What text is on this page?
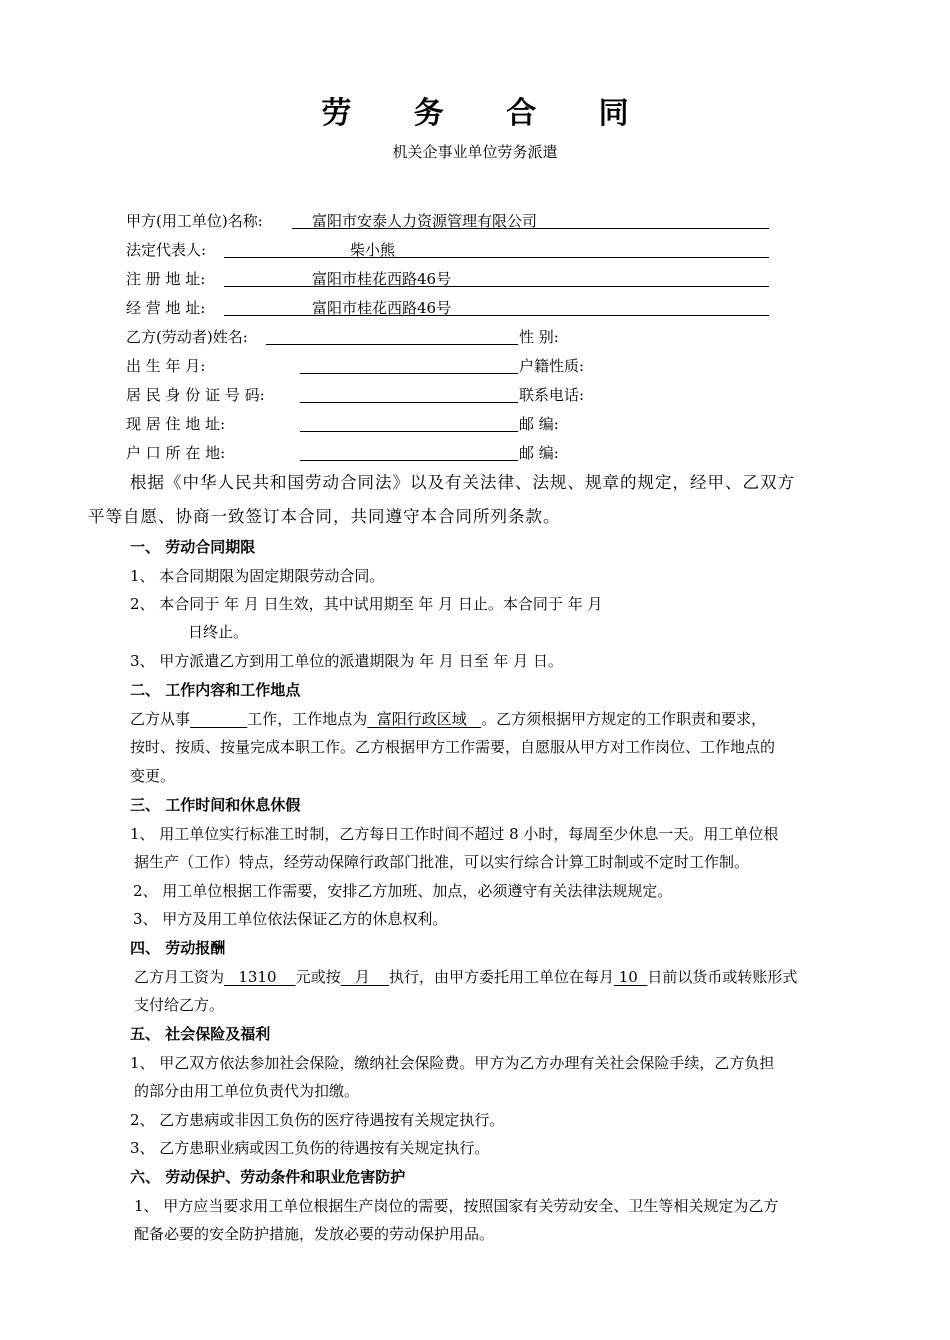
劳 务 合 同
机关企事业单位劳务派遣
甲方(用工单位)名称:	富阳市安泰人力资源管理有限公司
法定代表人:	柴小熊
注 册 地 址:	富阳市桂花西路46号
经 营 地 址:	富阳市桂花西路46号
乙方(劳动者)姓名:	性 别:
出 生 年 月:	户籍性质:
居 民 身 份 证 号 码:	联系电话:
现 居 住 地 址:	邮 编:
户 口 所 在 地:	邮 编:
根据《中华人民共和国劳动合同法》以及有关法律、法规、规章的规定，经甲、乙双方
平等自愿、协商一致签订本合同，共同遵守本合同所列条款。
一、 劳动合同期限
1、 本合同期限为固定期限劳动合同。
2、 本合同于 年 月 日生效，其中试用期至 年 月 日止。本合同于 年 月
日终止。
3、 甲方派遣乙方到用工单位的派遣期限为 年 月 日至 年 月 日。
二、 工作内容和工作地点
乙方从事	工作，工作地点为  富阳行政区域   。乙方须根据甲方规定的工作职责和要求，
按时、按质、按量完成本职工作。乙方根据甲方工作需要，自愿服从甲方对工作岗位、工作地点的
变更。
三、 工作时间和休息休假
1、 用工单位实行标准工时制，乙方每日工作时间不超过 8 小时，每周至少休息一天。用工单位根
据生产（工作）特点，经劳动保障行政部门批准，可以实行综合计算工时制或不定时工作制。
2、 用工单位根据工作需要，安排乙方加班、加点，必须遵守有关法律法规规定。
3、 甲方及用工单位依法保证乙方的休息权利。
四、 劳动报酬
乙方月工资为   1310    元或按   月    执行，由甲方委托用工单位在每月 10  日前以货币或转账形式
支付给乙方。
五、 社会保险及福利
1、 甲乙双方依法参加社会保险，缴纳社会保险费。甲方为乙方办理有关社会保险手续，乙方负担
的部分由用工单位负责代为扣缴。
2、 乙方患病或非因工负伤的医疗待遇按有关规定执行。
3、 乙方患职业病或因工负伤的待遇按有关规定执行。
六、 劳动保护、劳动条件和职业危害防护
1、 甲方应当要求用工单位根据生产岗位的需要，按照国家有关劳动安全、卫生等相关规定为乙方
配备必要的安全防护措施，发放必要的劳动保护用品。
